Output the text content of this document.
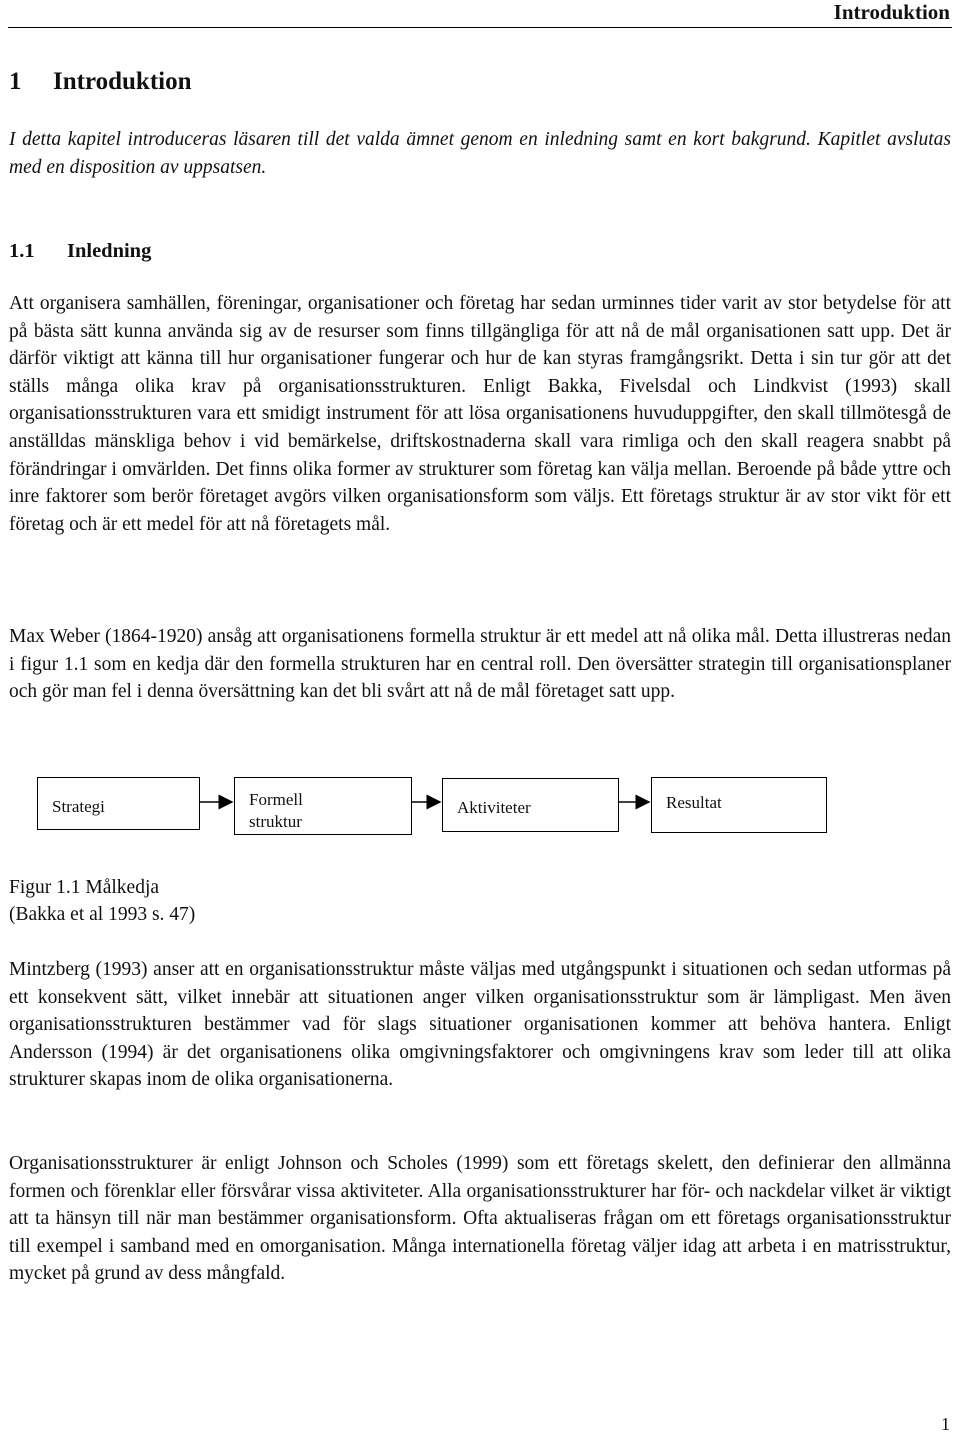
Introduktion
1 Introduktion

I detta kapitel introduceras läsaren till det valda ämnet genom en inledning samt en kort bakgrund. Kapitlet avslutas med en disposition av uppsatsen.

1.1 Inledning

Att organisera samhällen, föreningar, organisationer och företag har sedan urminnes tider varit av stor betydelse för att på bästa sätt kunna använda sig av de resurser som finns tillgängliga för att nå de mål organisationen satt upp. Det är därför viktigt att känna till hur organisationer fungerar och hur de kan styras framgångsrikt. Detta i sin tur gör att det ställs många olika krav på organisationsstrukturen. Enligt Bakka, Fivelsdal och Lindkvist (1993) skall organisationsstrukturen vara ett smidigt instrument för att lösa organisationens huvuduppgifter, den skall tillmötesgå de anställdas mänskliga behov i vid bemärkelse, driftskostnaderna skall vara rimliga och den skall reagera snabbt på förändringar i omvärlden. Det finns olika former av strukturer som företag kan välja mellan. Beroende på både yttre och inre faktorer som berör företaget avgörs vilken organisationsform som väljs. Ett företags struktur är av stor vikt för ett företag och är ett medel för att nå företagets mål.

Max Weber (1864-1920) ansåg att organisationens formella struktur är ett medel att nå olika mål. Detta illustreras nedan i figur 1.1 som en kedja där den formella strukturen har en central roll. Den översätter strategin till organisationsplaner och gör man fel i denna översättning kan det bli svårt att nå de mål företaget satt upp.

Strategi	Formell
struktur
Aktiviteter	Resultat
Figur 1.1 Målkedja
(Bakka et al 1993 s. 47)

Mintzberg (1993) anser att en organisationsstruktur måste väljas med utgångspunkt i situationen och sedan utformas på ett konsekvent sätt, vilket innebär att situationen anger vilken organisationsstruktur som är lämpligast. Men även organisationsstrukturen bestämmer vad för slags situationer organisationen kommer att behöva hantera. Enligt Andersson (1994) är det organisationens olika omgivningsfaktorer och omgivningens krav som leder till att olika strukturer skapas inom de olika organisationerna.

Organisationsstrukturer är enligt Johnson och Scholes (1999) som ett företags skelett, den definierar den allmänna formen och förenklar eller försvårar vissa aktiviteter. Alla organisationsstrukturer har för- och nackdelar vilket är viktigt att ta hänsyn till när man bestämmer organisationsform. Ofta aktualiseras frågan om ett företags organisationsstruktur till exempel i samband med en omorganisation. Många internationella företag väljer idag att arbeta i en matrisstruktur, mycket på grund av dess mångfald.

1
